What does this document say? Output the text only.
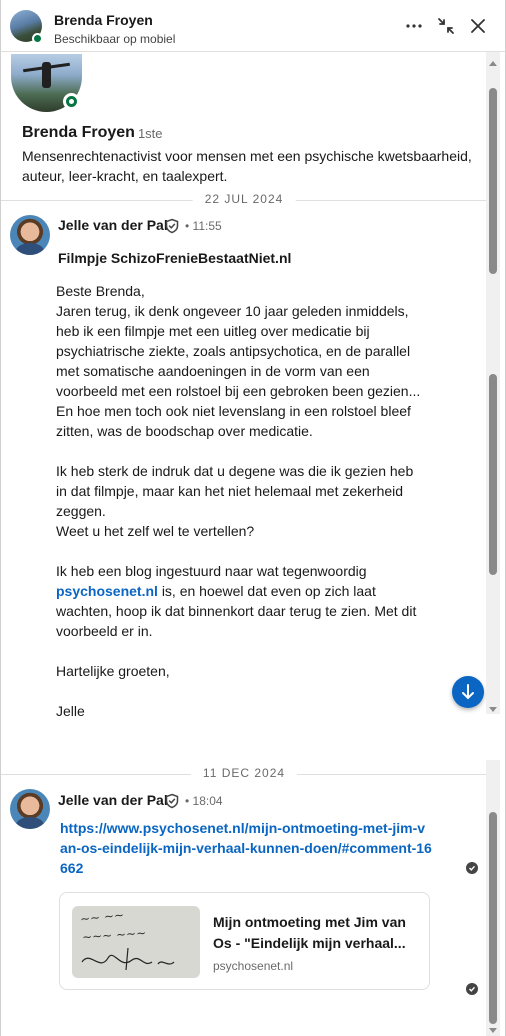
Brenda Froyen
Beschikbaar op mobiel
Brenda Froyen
· 1ste
Mensenrechtenactivist voor mensen met een psychische kwetsbaarheid, auteur, leer-kracht, en taalexpert.
22 JUL 2024
Jelle van der Pal • 11:55
Filmpje SchizoFrenieBestaatNiet.nl

Beste Brenda,

Jaren terug, ik denk ongeveer 10 jaar geleden inmiddels, heb ik een filmpje met een uitleg over medicatie bij psychiatrische ziekte, zoals antipsychotica, en de parallel met somatische aandoeningen in de vorm van een voorbeeld met een rolstoel bij een gebroken been gezien... En hoe men toch ook niet levenslang in een rolstoel bleef zitten, was de boodschap over medicatie.

Ik heb sterk de indruk dat u degene was die ik gezien heb in dat filmpje, maar kan het niet helemaal met zekerheid zeggen.

Weet u het zelf wel te vertellen?

Ik heb een blog ingestuurd naar wat tegenwoordig psychosenet.nl is, en hoewel dat even op zich laat wachten, hoop ik dat binnenkort daar terug te zien. Met dit voorbeeld er in.

Hartelijke groeten,

Jelle

11 DEC 2024
Jelle van der Pal • 18:04
https://www.psychosenet.nl/mijn-ontmoeting-met-jim-van-os-eindelijk-mijn-verhaal-kunnen-doen/#comment-16662
~~ ~~
~~~ ~~~
Mijn ontmoeting met Jim van Os - "Eindelijk mijn verhaal...
psychosenet.nl
